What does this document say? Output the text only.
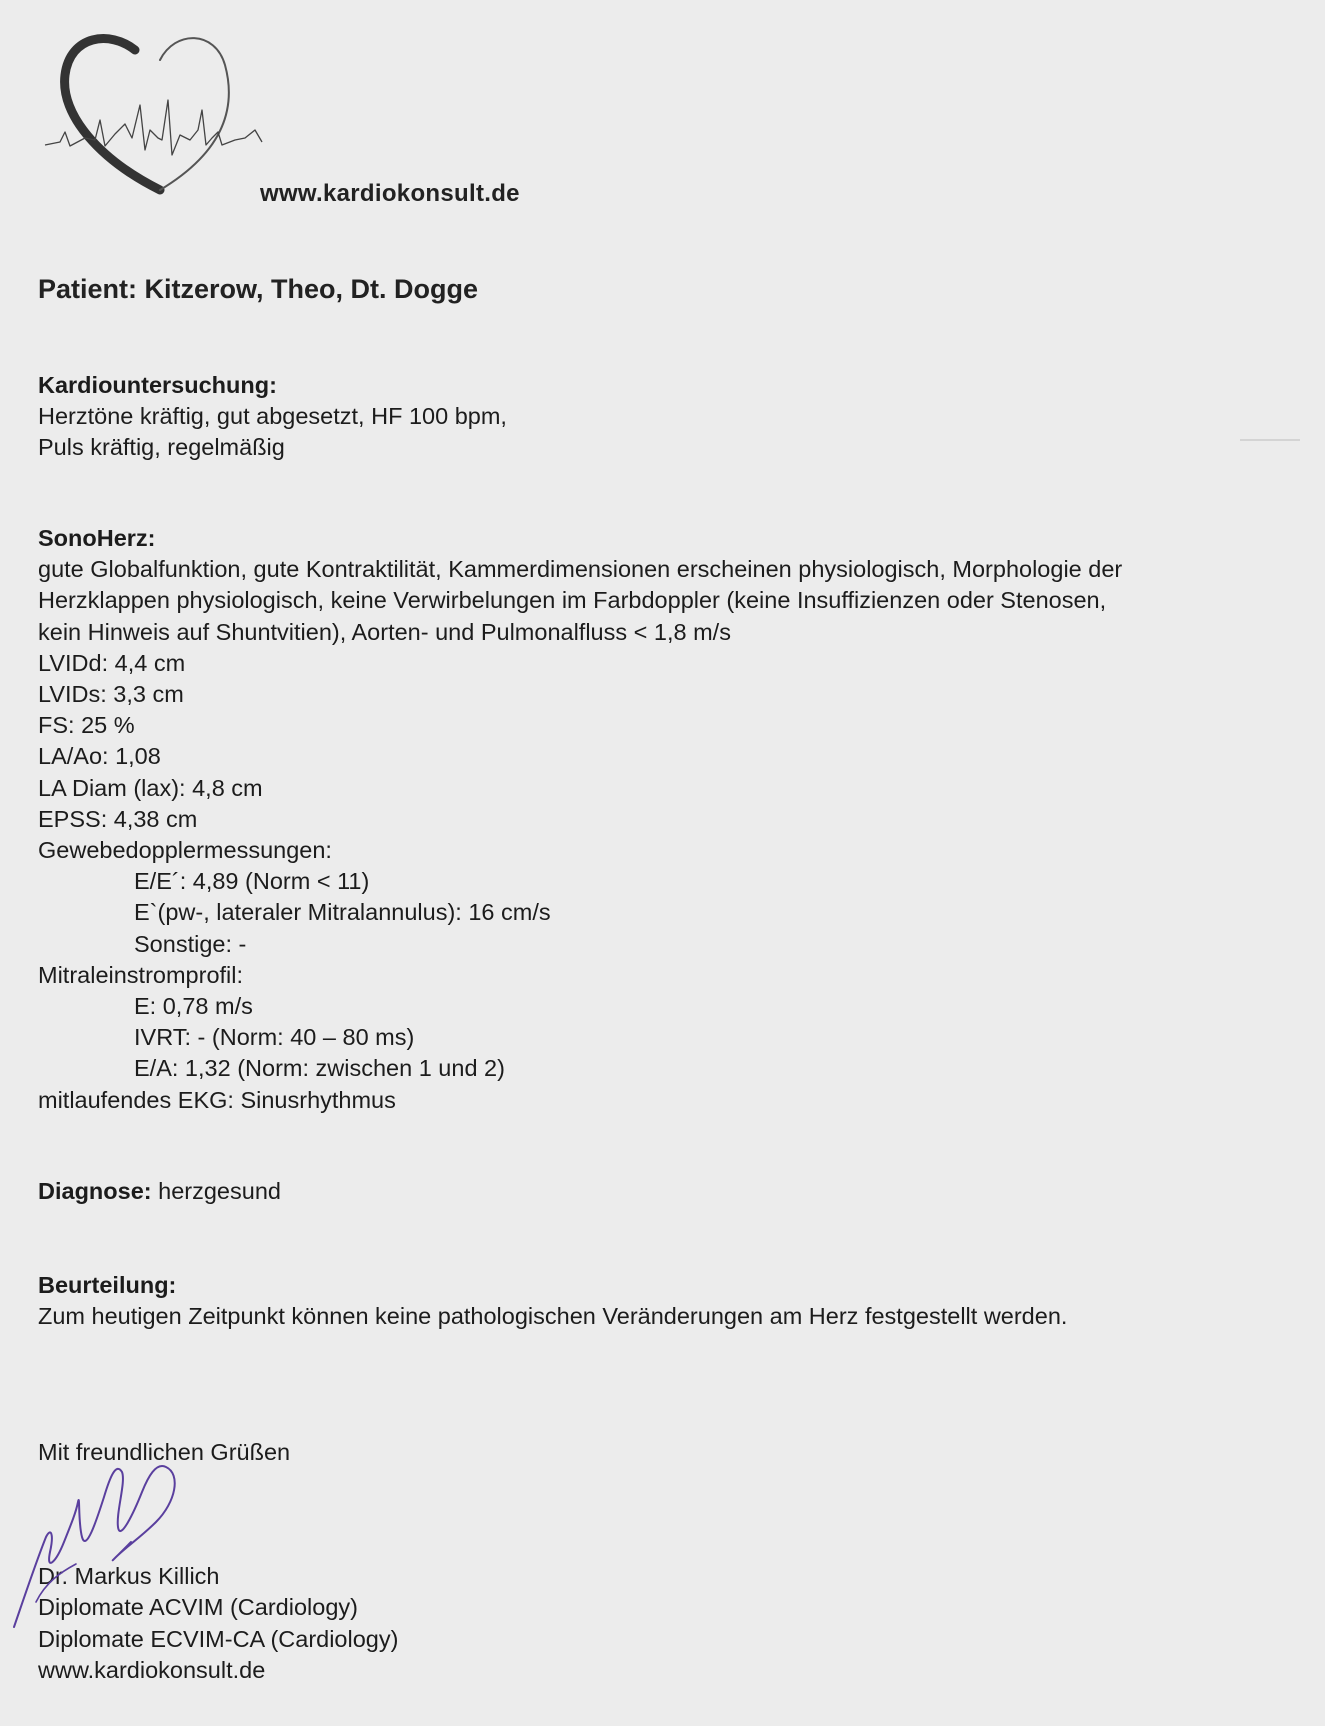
www.kardiokonsult.de
Patient: Kitzerow, Theo, Dt. Dogge
Kardiountersuchung:
Herztöne kräftig, gut abgesetzt, HF 100 bpm,
Puls kräftig, regelmäßig
SonoHerz:
gute Globalfunktion, gute Kontraktilität, Kammerdimensionen erscheinen physiologisch, Morphologie der
Herzklappen physiologisch, keine Verwirbelungen im Farbdoppler (keine Insuffizienzen oder Stenosen,
kein Hinweis auf Shuntvitien), Aorten- und Pulmonalfluss < 1,8 m/s
LVIDd: 4,4 cm
LVIDs: 3,3 cm
FS: 25 %
LA/Ao: 1,08
LA Diam (lax): 4,8 cm
EPSS: 4,38 cm
Gewebedopplermessungen:
E/E´: 4,89 (Norm < 11)
E`(pw-, lateraler Mitralannulus): 16 cm/s
Sonstige: -
Mitraleinstromprofil:
E: 0,78 m/s
IVRT: - (Norm: 40 – 80 ms)
E/A: 1,32 (Norm: zwischen 1 und 2)
mitlaufendes EKG: Sinusrhythmus
Diagnose: herzgesund
Beurteilung:
Zum heutigen Zeitpunkt können keine pathologischen Veränderungen am Herz festgestellt werden.
Mit freundlichen Grüßen
Dr. Markus Killich
Diplomate ACVIM (Cardiology)
Diplomate ECVIM-CA (Cardiology)
www.kardiokonsult.de
